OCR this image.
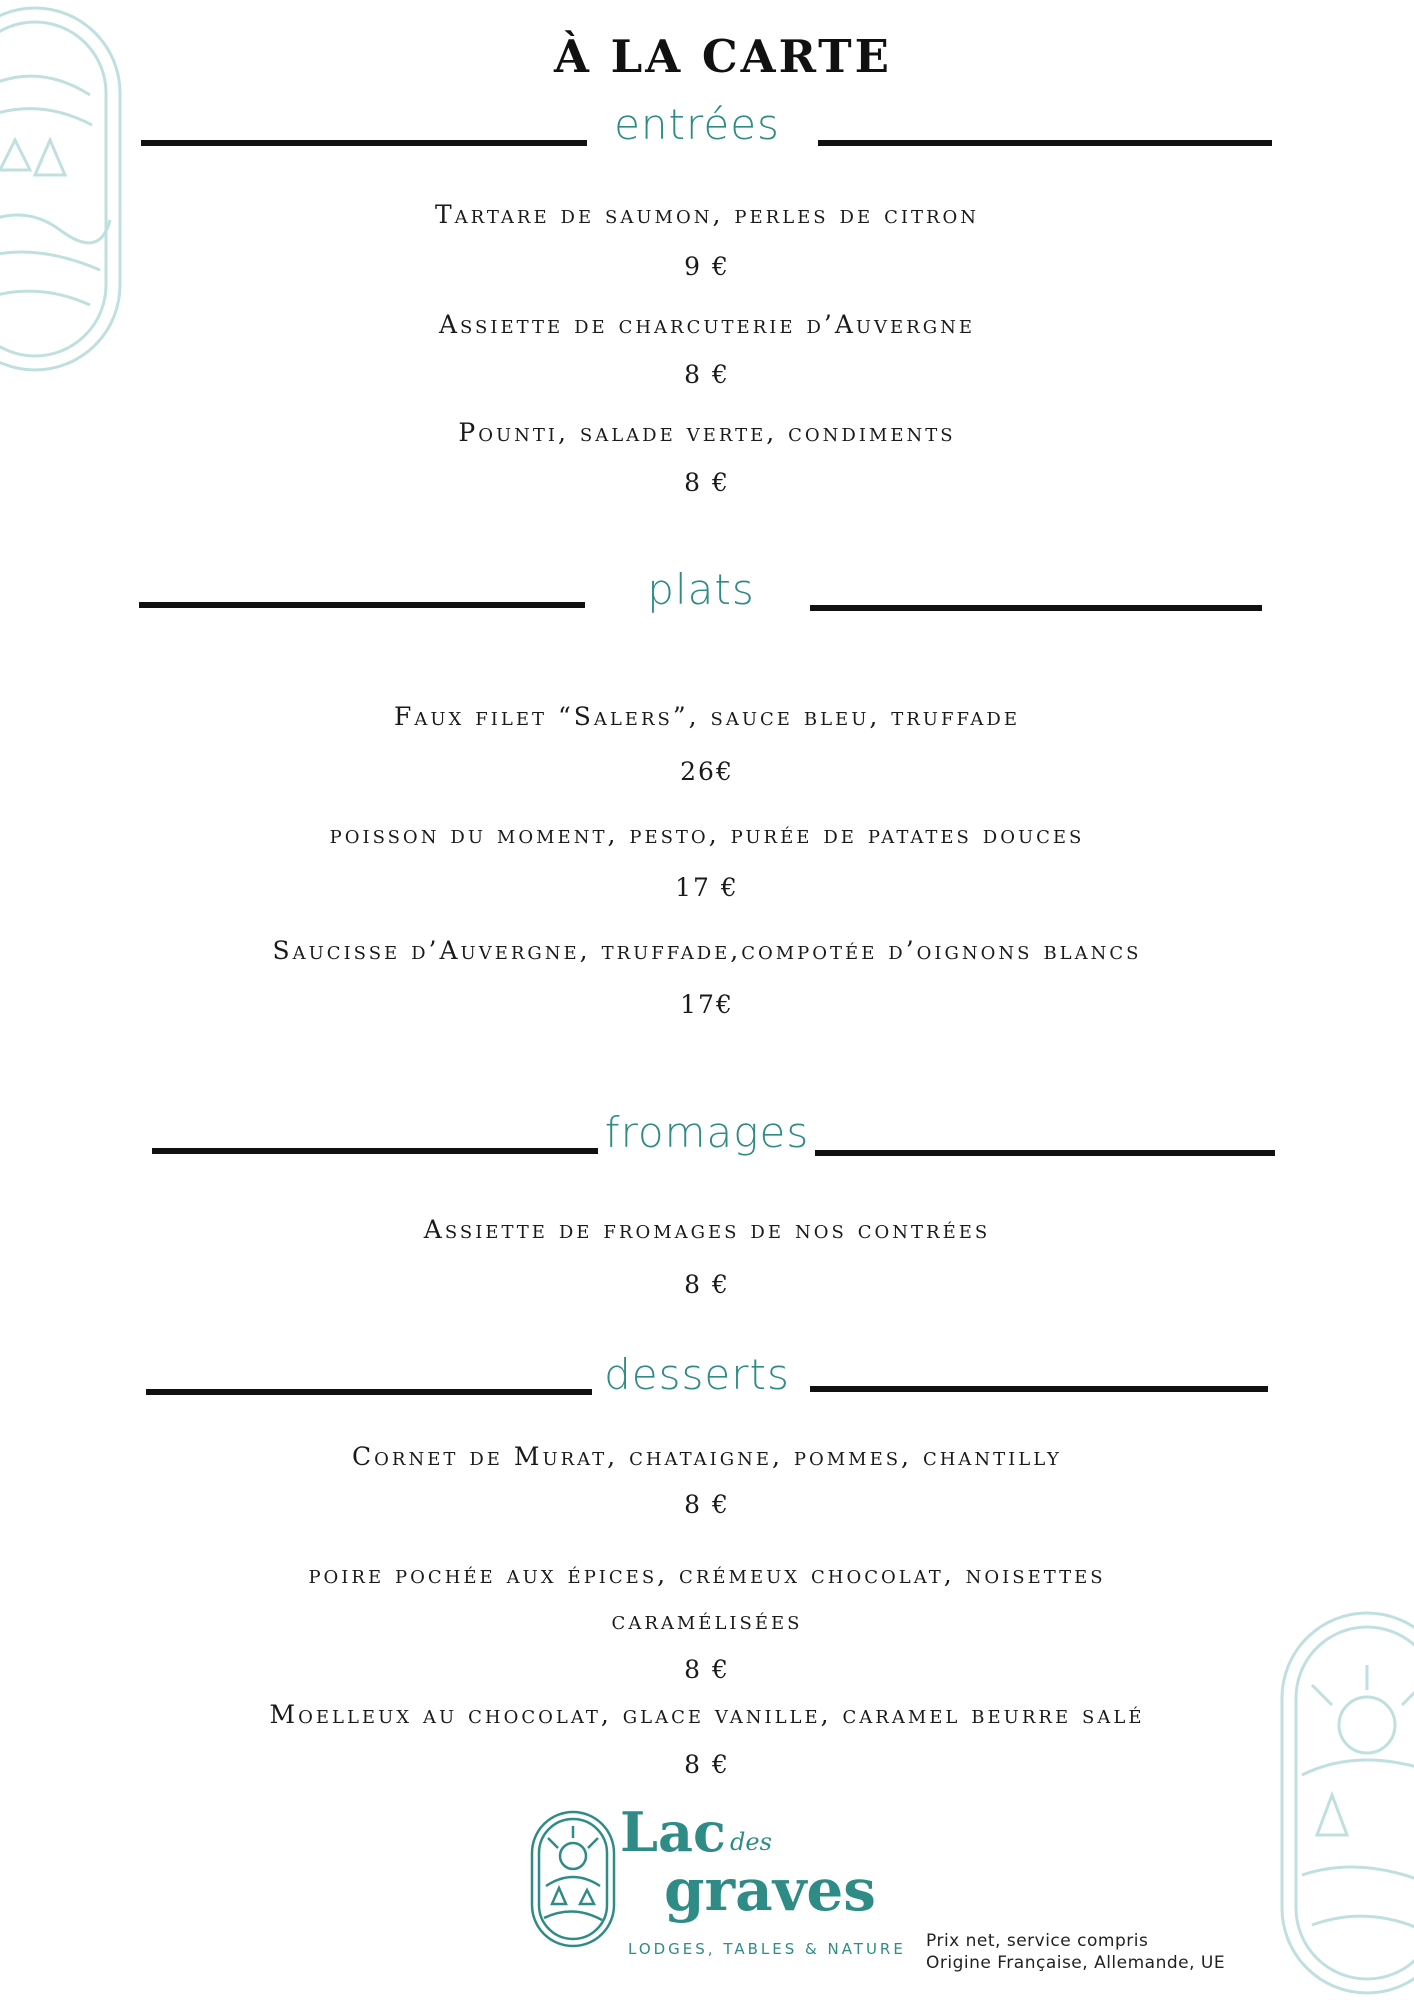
À LA CARTE
entrées
Tartare de saumon, perles de citron
9 €
Assiette de charcuterie d’Auvergne
8 €
Pounti, salade verte, condiments
8 €
plats
Faux filet “Salers”, sauce bleu, truffade
26€
poisson du moment, pesto, purée de patates douces
17 €
Saucisse d’Auvergne, truffade,compotée d’oignons blancs
17€
fromages
Assiette de fromages de nos contrées
8 €
desserts
Cornet de Murat, chataigne, pommes, chantilly
8 €
poire pochée aux épices, crémeux chocolat, noisettes
caramélisées
8 €
Moelleux au chocolat, glace vanille, caramel beurre salé
8 €
Lac des
graves
LODGES, TABLES & NATURE Prix net, service compris
Origine Française, Allemande, UE
